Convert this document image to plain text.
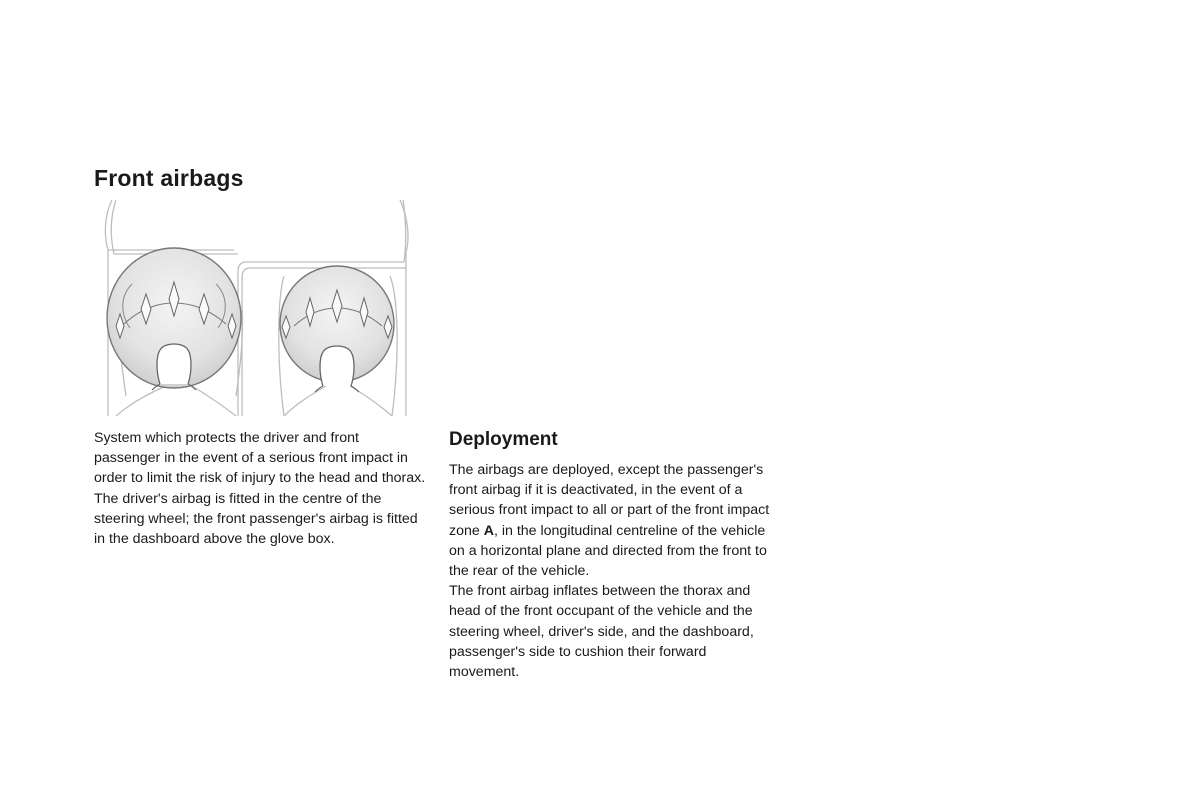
Front airbags

System which protects the driver and front passenger in the event of a serious front impact in order to limit the risk of injury to the head and thorax.

The driver's airbag is fitted in the centre of the steering wheel; the front passenger's airbag is fitted in the dashboard above the glove box.

Deployment

The airbags are deployed, except the passenger's front airbag if it is deactivated, in the event of a serious front impact to all or part of the front impact zone A, in the longitudinal centreline of the vehicle on a horizontal plane and directed from the front to the rear of the vehicle.

The front airbag inflates between the thorax and head of the front occupant of the vehicle and the steering wheel, driver's side, and the dashboard, passenger's side to cushion their forward movement.
